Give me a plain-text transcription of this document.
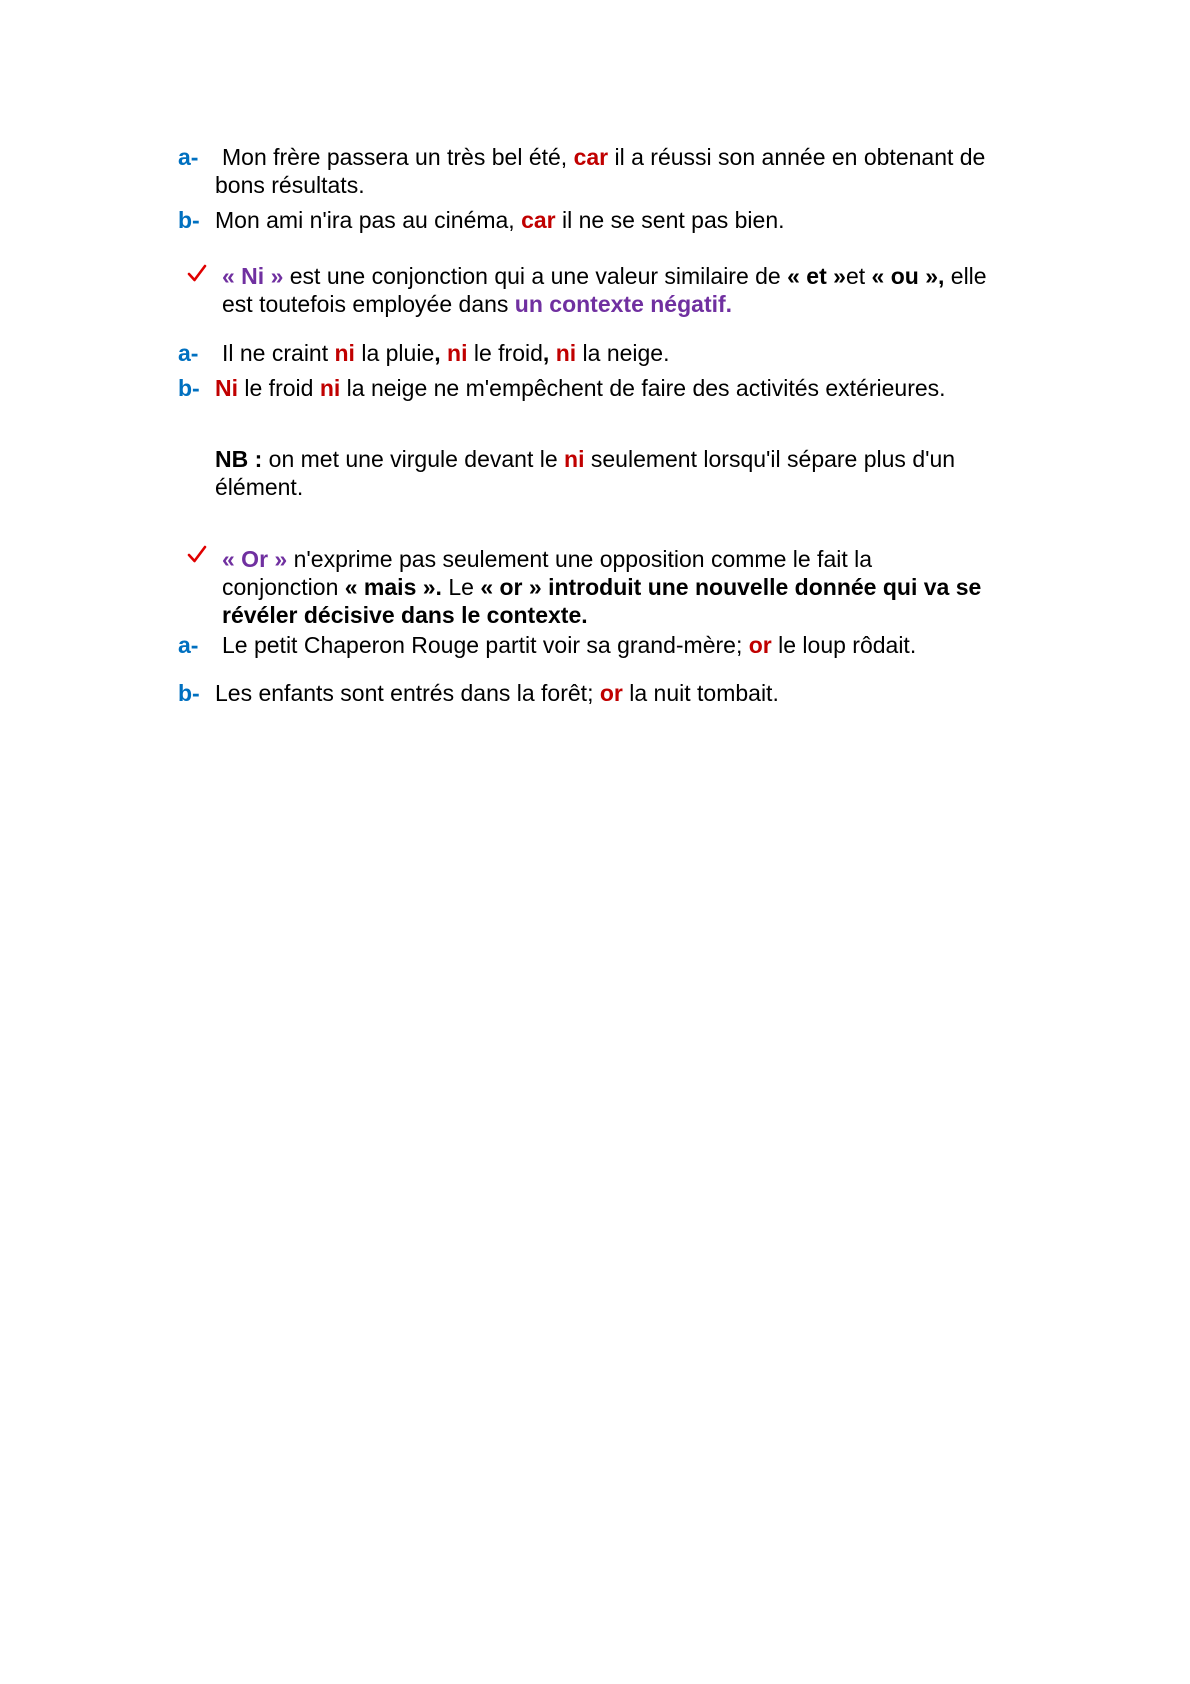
a- Mon frère passera un très bel été, car il a réussi son année en obtenant de
bons résultats.
b- Mon ami n'ira pas au cinéma, car il ne se sent pas bien.
« Ni » est une conjonction qui a une valeur similaire de « et »et « ou », elle
est toutefois employée dans un contexte négatif.
a- Il ne craint ni la pluie, ni le froid, ni la neige.
b- Ni le froid ni la neige ne m'empêchent de faire des activités extérieures.
NB : on met une virgule devant le ni seulement lorsqu'il sépare plus d'un
élément.
« Or » n'exprime pas seulement une opposition comme le fait la
conjonction « mais ». Le « or » introduit une nouvelle donnée qui va se
révéler décisive dans le contexte.
a- Le petit Chaperon Rouge partit voir sa grand-mère; or le loup rôdait.
b- Les enfants sont entrés dans la forêt; or la nuit tombait.
